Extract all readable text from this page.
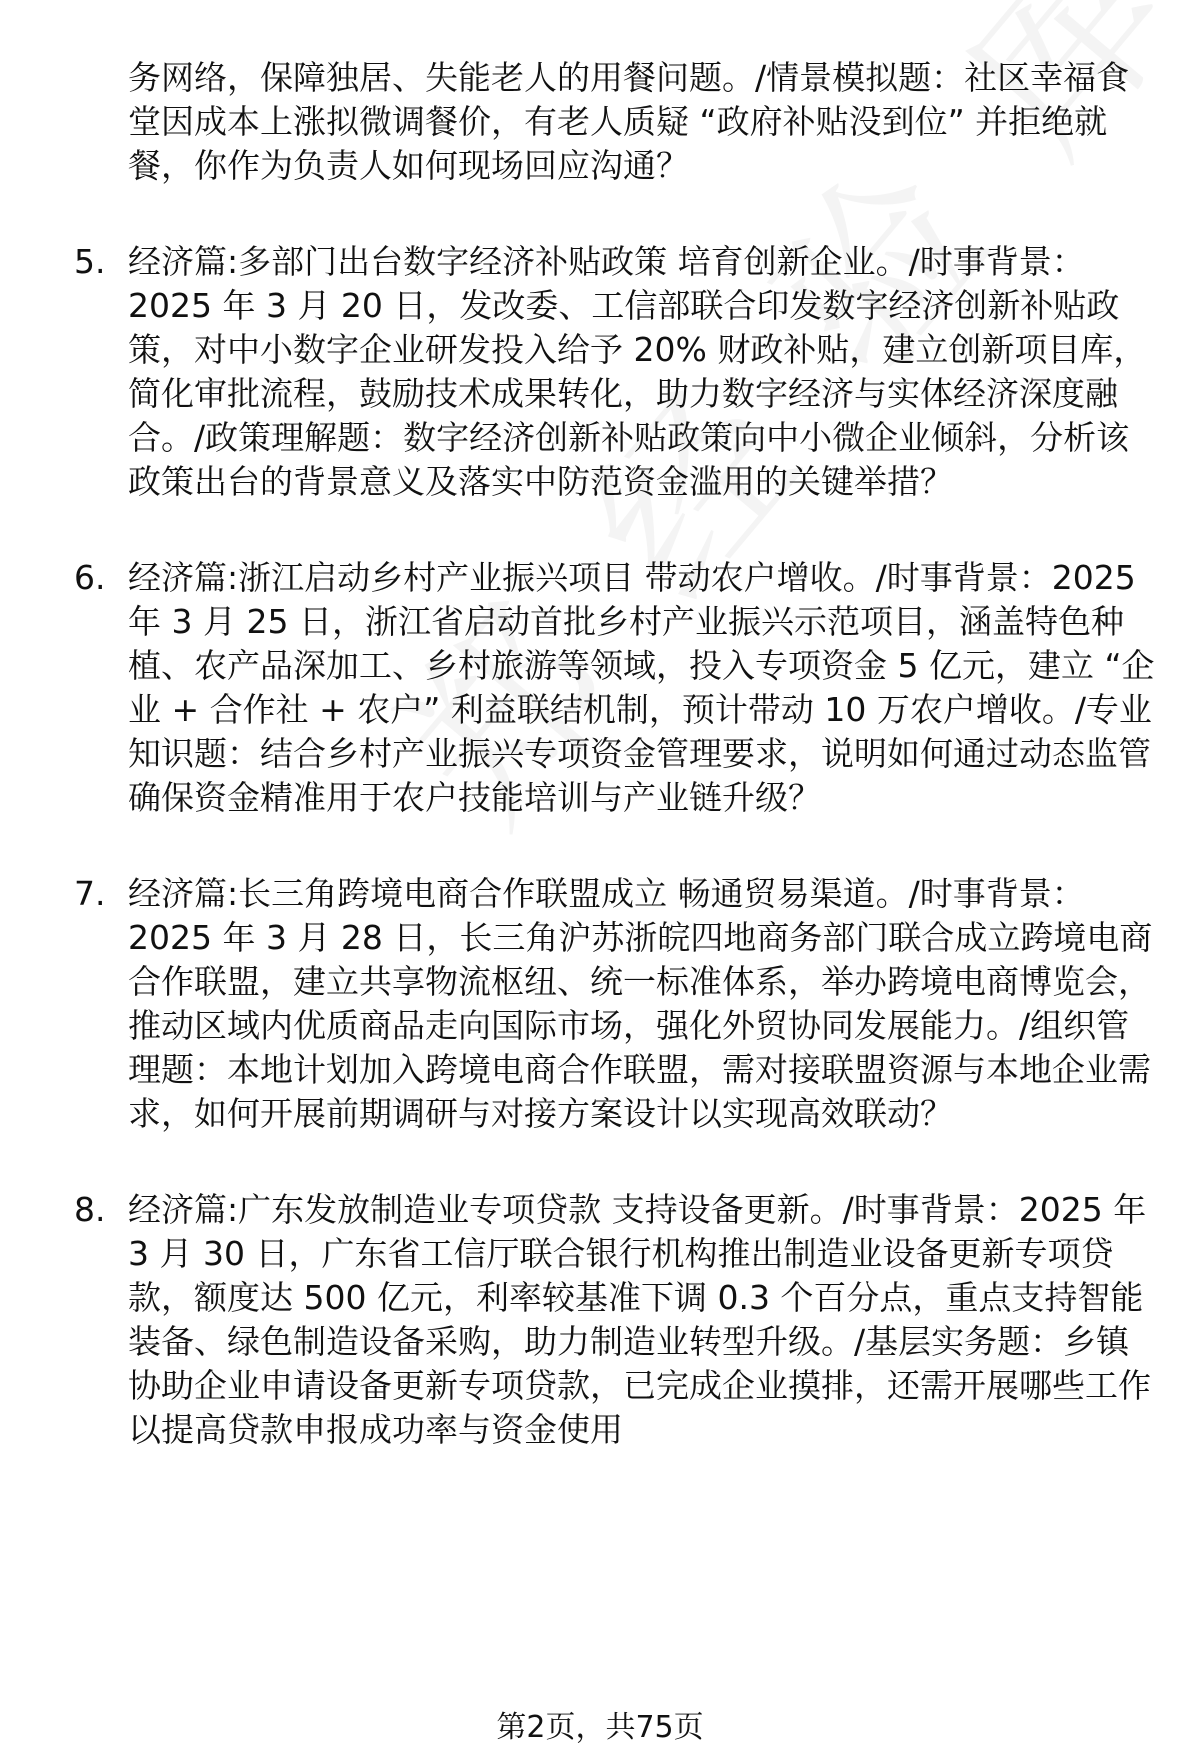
务网络，保障独居、失能老人的用餐问题。/情景模拟题：社区幸福食堂因成本上涨拟微调餐价，有老人质疑 “政府补贴没到位” 并拒绝就餐，你作为负责人如何现场回应沟通？

5. 经济篇:多部门出台数字经济补贴政策 培育创新企业。/时事背景：2025 年 3 月 20 日，发改委、工信部联合印发数字经济创新补贴政策，对中小数字企业研发投入给予 20% 财政补贴，建立创新项目库，简化审批流程，鼓励技术成果转化，助力数字经济与实体经济深度融合。/政策理解题：数字经济创新补贴政策向中小微企业倾斜，分析该政策出台的背景意义及落实中防范资金滥用的关键举措？

6. 经济篇:浙江启动乡村产业振兴项目 带动农户增收。/时事背景：2025 年 3 月 25 日，浙江省启动首批乡村产业振兴示范项目，涵盖特色种植、农产品深加工、乡村旅游等领域，投入专项资金 5 亿元，建立 “企业 + 合作社 + 农户” 利益联结机制，预计带动 10 万农户增收。/专业知识题：结合乡村产业振兴专项资金管理要求，说明如何通过动态监管确保资金精准用于农户技能培训与产业链升级？

7. 经济篇:长三角跨境电商合作联盟成立 畅通贸易渠道。/时事背景：2025 年 3 月 28 日，长三角沪苏浙皖四地商务部门联合成立跨境电商合作联盟，建立共享物流枢纽、统一标准体系，举办跨境电商博览会，推动区域内优质商品走向国际市场，强化外贸协同发展能力。/组织管理题：本地计划加入跨境电商合作联盟，需对接联盟资源与本地企业需求，如何开展前期调研与对接方案设计以实现高效联动？

8. 经济篇:广东发放制造业专项贷款 支持设备更新。/时事背景：2025 年 3 月 30 日，广东省工信厅联合银行机构推出制造业设备更新专项贷款，额度达 500 亿元，利率较基准下调 0.3 个百分点，重点支持智能装备、绿色制造设备采购，助力制造业转型升级。/基层实务题：乡镇协助企业申请设备更新专项贷款，已完成企业摸排，还需开展哪些工作以提高贷款申报成功率与资金使用

第2页，共75页
